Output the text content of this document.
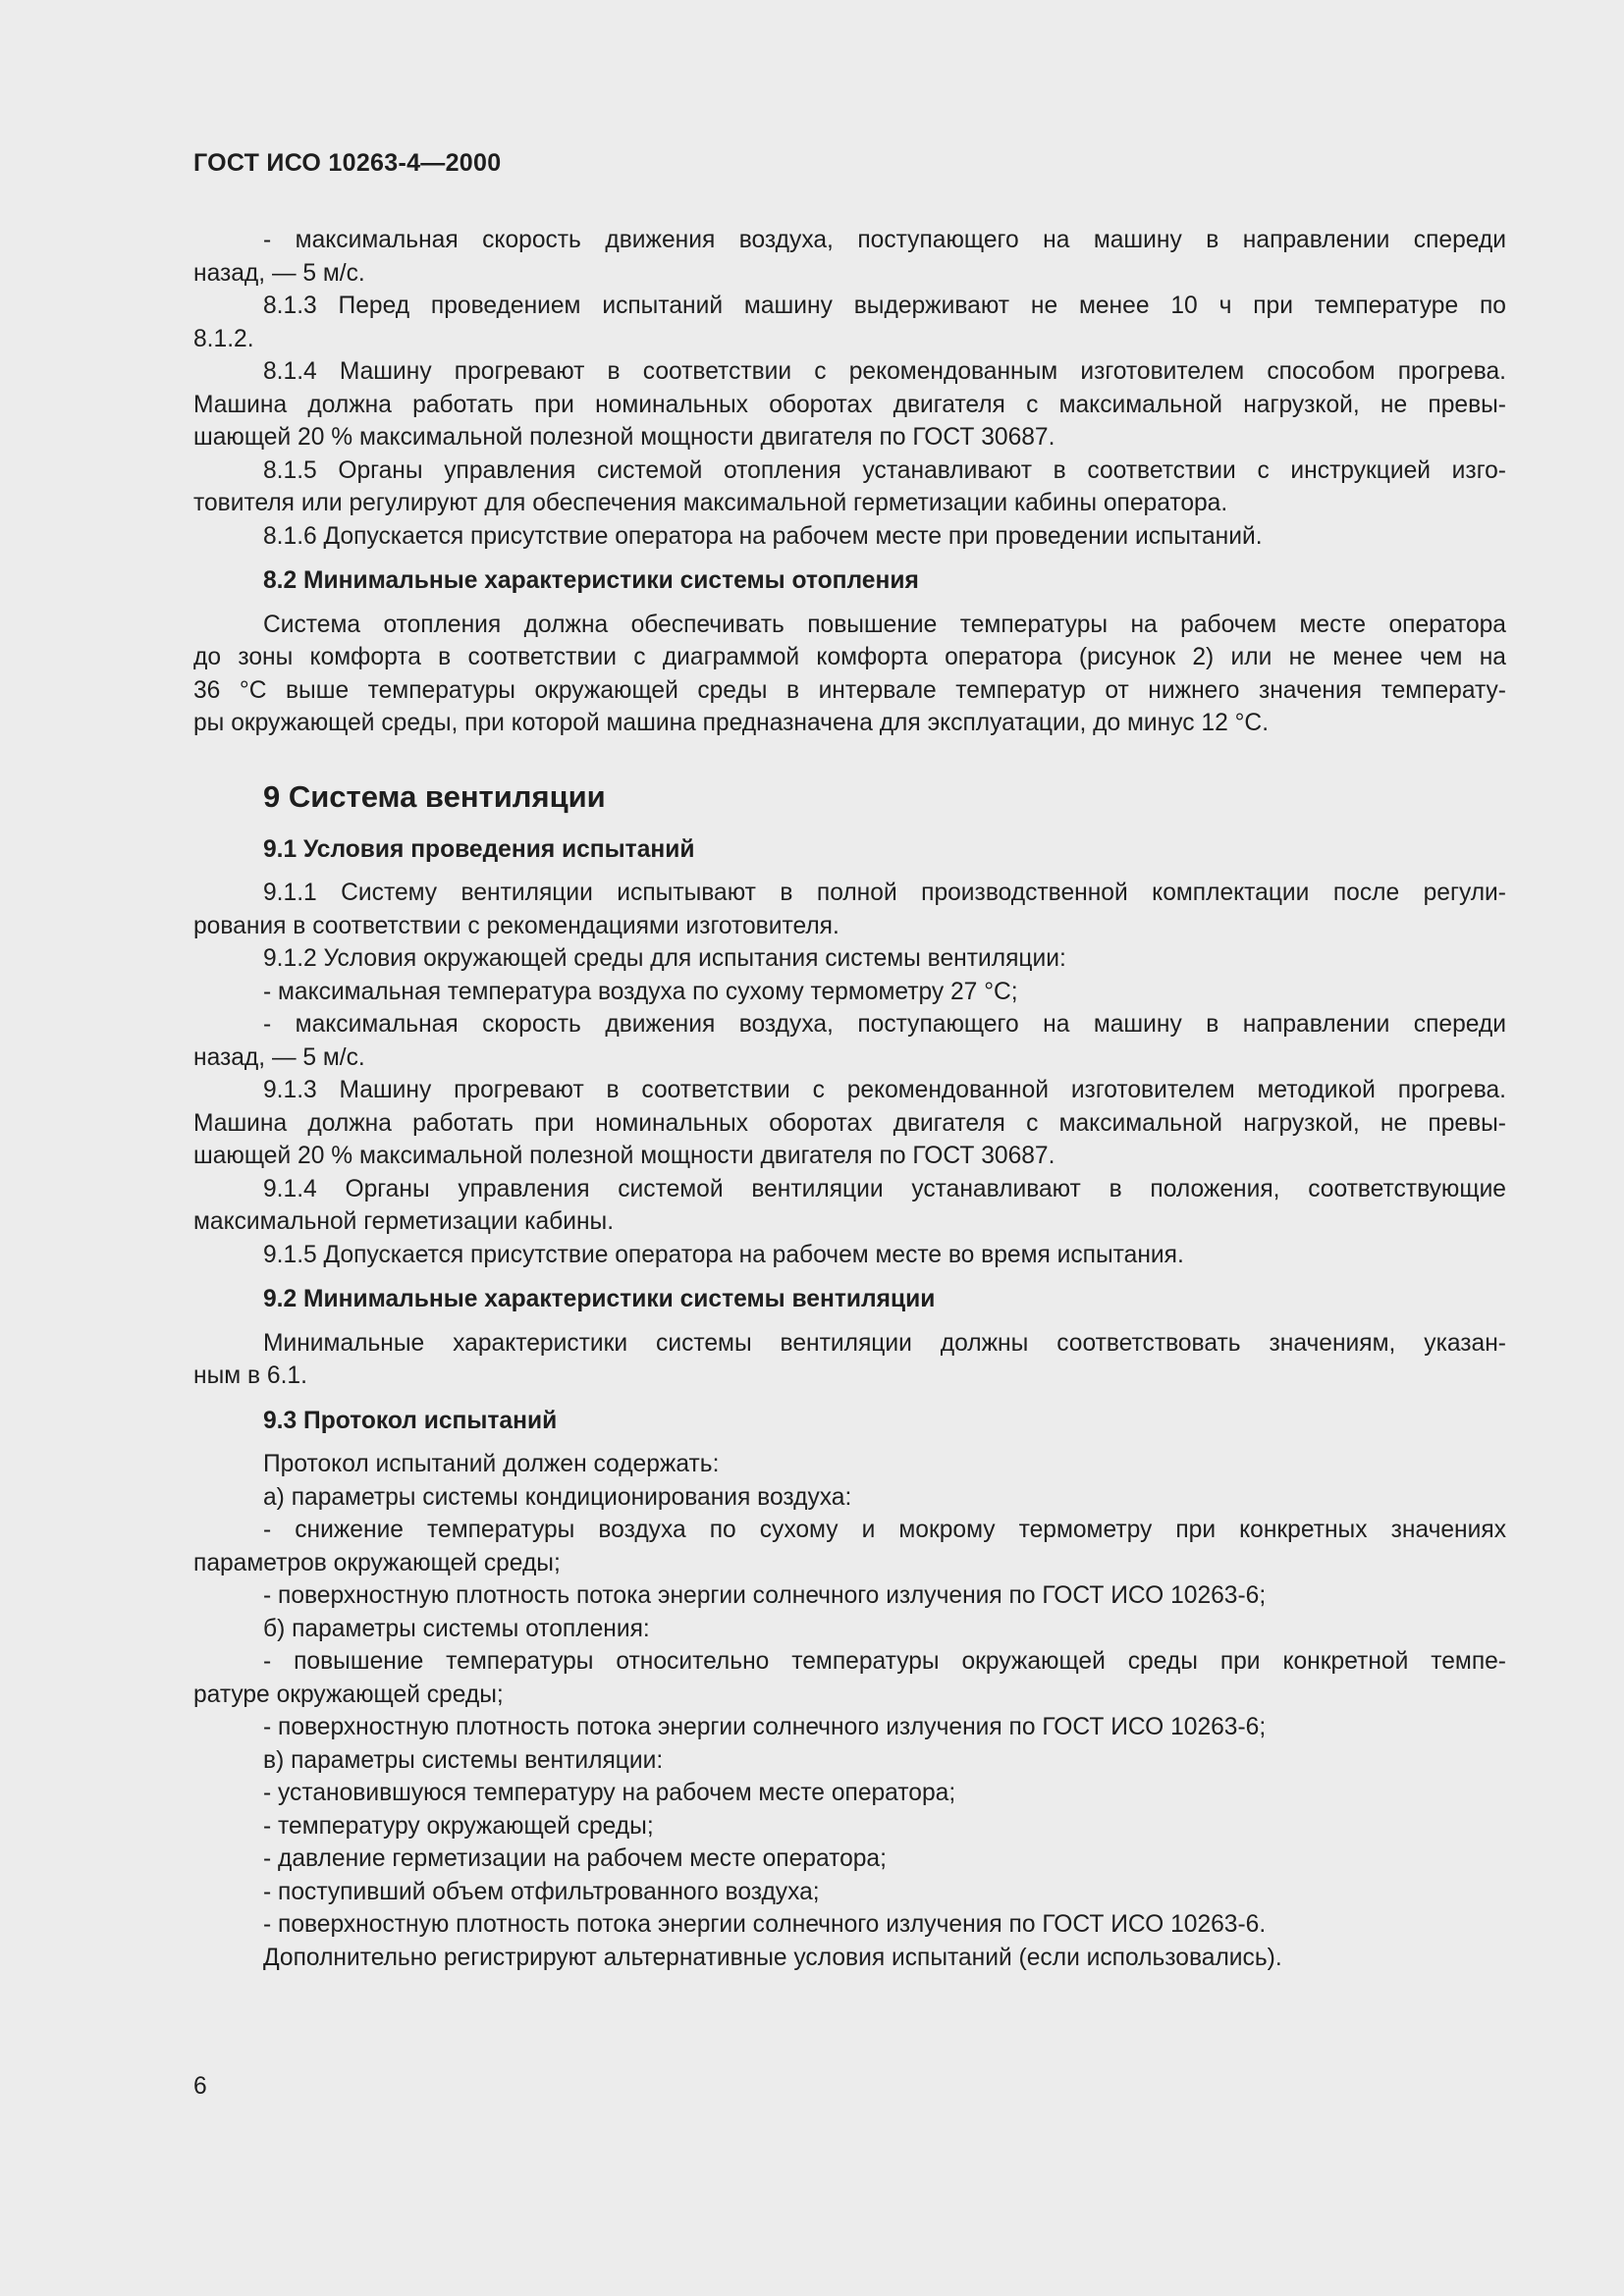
ГОСТ ИСО 10263-4—2000

- максимальная скорость движения воздуха, поступающего на машину в направлении спереди

назад, — 5 м/с.

8.1.3 Перед проведением испытаний машину выдерживают не менее 10 ч при температуре по

8.1.2.

8.1.4 Машину прогревают в соответствии с рекомендованным изготовителем способом прогрева.

Машина должна работать при номинальных оборотах двигателя с максимальной нагрузкой, не превы-

шающей 20 % максимальной полезной мощности двигателя по ГОСТ 30687.

8.1.5 Органы управления системой отопления устанавливают в соответствии с инструкцией изго-

товителя или регулируют для обеспечения максимальной герметизации кабины оператора.

8.1.6 Допускается присутствие оператора на рабочем месте при проведении испытаний.

8.2 Минимальные характеристики системы отопления

Система отопления должна обеспечивать повышение температуры на рабочем месте оператора

до зоны комфорта в соответствии с диаграммой комфорта оператора (рисунок 2) или не менее чем на

36 °С выше температуры окружающей среды в интервале температур от нижнего значения температу-

ры окружающей среды, при которой машина предназначена для эксплуатации, до минус 12 °С.

9 Система вентиляции

9.1 Условия проведения испытаний

9.1.1 Систему вентиляции испытывают в полной производственной комплектации после регули-

рования в соответствии с рекомендациями изготовителя.

9.1.2 Условия окружающей среды для испытания системы вентиляции:

- максимальная температура воздуха по сухому термометру 27 °С;

- максимальная скорость движения воздуха, поступающего на машину в направлении спереди

назад, — 5 м/с.

9.1.3 Машину прогревают в соответствии с рекомендованной изготовителем методикой прогрева.

Машина должна работать при номинальных оборотах двигателя с максимальной нагрузкой, не превы-

шающей 20 % максимальной полезной мощности двигателя по ГОСТ 30687.

9.1.4 Органы управления системой вентиляции устанавливают в положения, соответствующие

максимальной герметизации кабины.

9.1.5 Допускается присутствие оператора на рабочем месте во время испытания.

9.2 Минимальные характеристики системы вентиляции

Минимальные характеристики системы вентиляции должны соответствовать значениям, указан-

ным в 6.1.

9.3 Протокол испытаний

Протокол испытаний должен содержать:

а) параметры системы кондиционирования воздуха:

- снижение температуры воздуха по сухому и мокрому термометру при конкретных значениях

параметров окружающей среды;

- поверхностную плотность потока энергии солнечного излучения по ГОСТ ИСО 10263-6;

б) параметры системы отопления:

- повышение температуры относительно температуры окружающей среды при конкретной темпе-

ратуре окружающей среды;

- поверхностную плотность потока энергии солнечного излучения по ГОСТ ИСО 10263-6;

в) параметры системы вентиляции:

- установившуюся температуру на рабочем месте оператора;

- температуру окружающей среды;

- давление герметизации на рабочем месте оператора;

- поступивший объем отфильтрованного воздуха;

- поверхностную плотность потока энергии солнечного излучения по ГОСТ ИСО 10263-6.

Дополнительно регистрируют альтернативные условия испытаний (если использовались).

6
